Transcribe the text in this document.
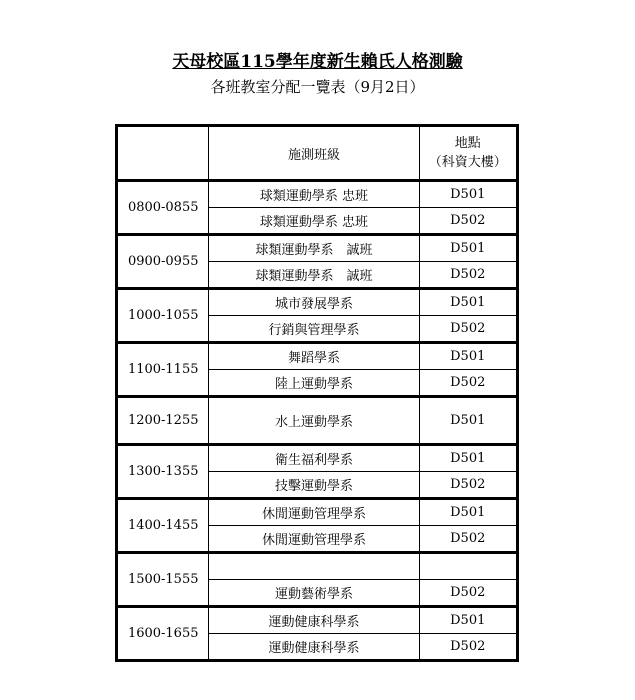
天母校區115學年度新生賴氏人格測驗
各班教室分配一覽表（9月2日）
	施測班級	地點
（科資大樓）

0800-0855	球類運動學系 忠班	D501
	球類運動學系 忠班	D502
0900-0955	球類運動學系　誠班	D501
	球類運動學系　誠班	D502
1000-1055	城市發展學系	D501
	行銷與管理學系	D502
1100-1155	舞蹈學系	D501
	陸上運動學系	D502
1200-1255	水上運動學系	D501
1300-1355	衛生福利學系	D501
	技擊運動學系	D502
1400-1455	休閒運動管理學系	D501
	休閒運動管理學系	D502
1500-1555		
	運動藝術學系	D502
1600-1655	運動健康科學系	D501
	運動健康科學系	D502
